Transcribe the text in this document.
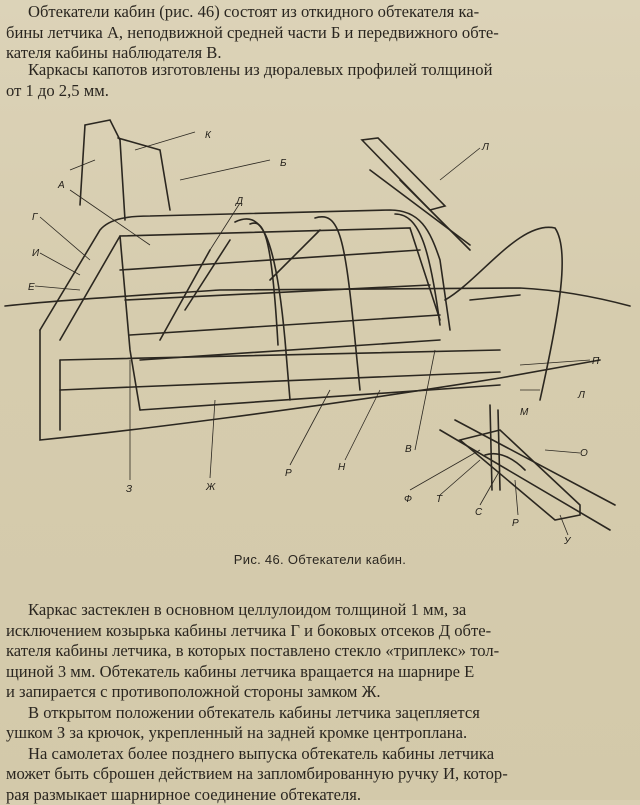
Обтекатели кабин (рис. 46) состоят из откидного обтекателя ка-
бины летчика А, неподвижной средней части Б и передвижного обте-
кателя кабины наблюдателя В.

Каркасы капотов изготовлены из дюралевых профилей толщиной
от 1 до 2,5 мм.

К
Б
А
Д
Л
Г
И
Е
П
Л
М
О
В
З	Ж
Р
Н
Ф Т
С
Р
У
Рис. 46. Обтекатели кабин.

Каркас застеклен в основном целлулоидом толщиной 1 мм, за
исключением козырька кабины летчика Г и боковых отсеков Д обте-
кателя кабины летчика, в которых поставлено стекло «триплекс» тол-
щиной 3 мм. Обтекатель кабины летчика вращается на шарнире Е
и запирается с противоположной стороны замком Ж.
В открытом положении обтекатель кабины летчика зацепляется
ушком З за крючок, укрепленный на задней кромке центроплана.
На самолетах более позднего выпуска обтекатель кабины летчика
может быть сброшен действием на запломбированную ручку И, котор-
рая размыкает шарнирное соединение обтекателя.
